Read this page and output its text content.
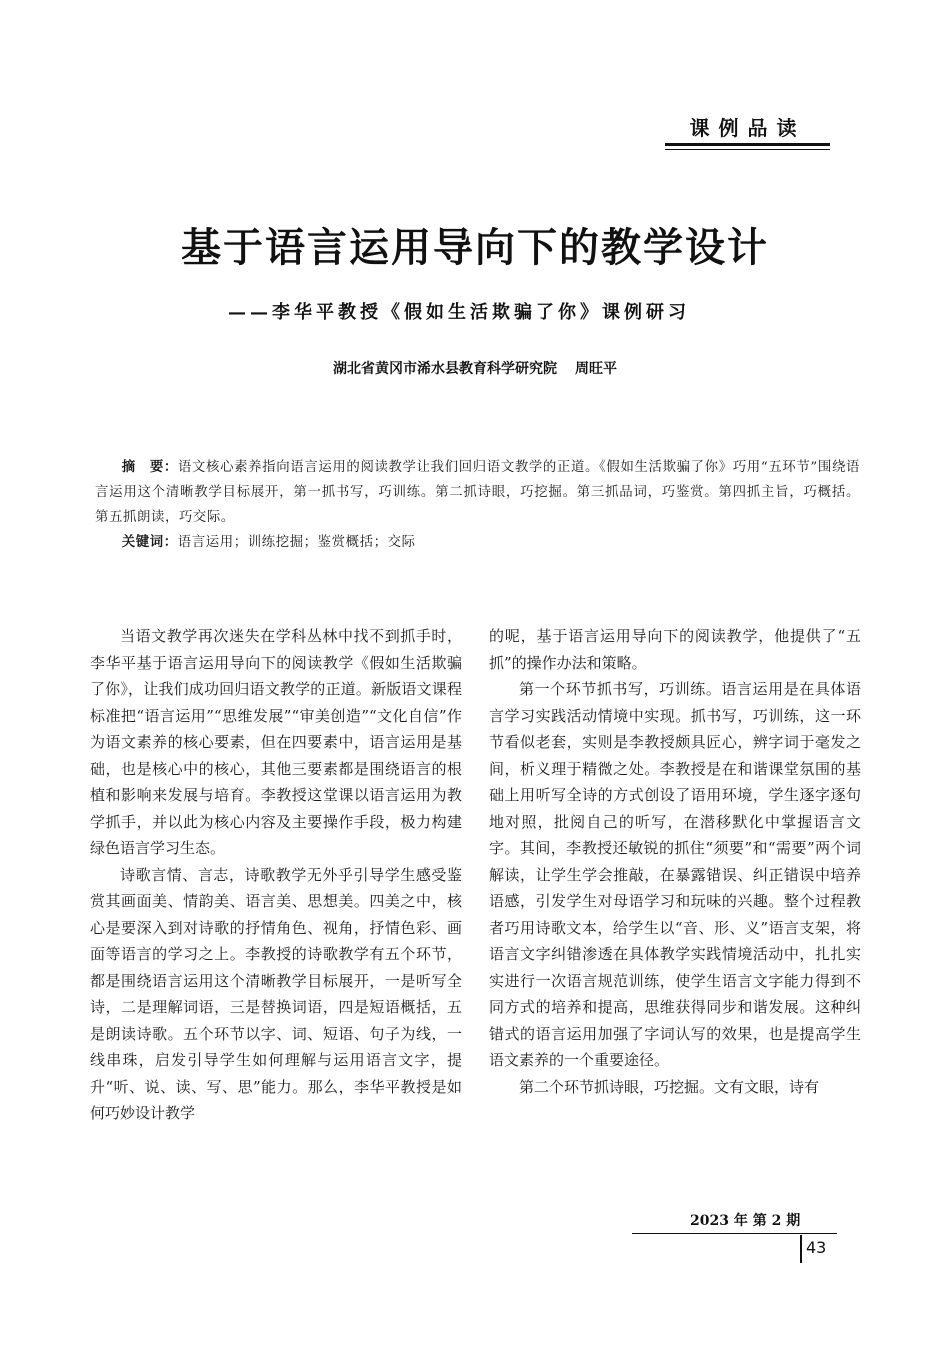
课例品读
基于语言运用导向下的教学设计
——李华平教授《假如生活欺骗了你》课例研习
湖北省黄冈市浠水县教育科学研究院 周旺平
摘　要：语文核心素养指向语言运用的阅读教学让我们回归语文教学的正道。《假如生活欺骗了你》巧用“五环节”围绕语言运用这个清晰教学目标展开，第一抓书写，巧训练。第二抓诗眼，巧挖掘。第三抓品词，巧鉴赏。第四抓主旨，巧概括。第五抓朗读，巧交际。
关键词：语言运用；训练挖掘；鉴赏概括；交际

当语文教学再次迷失在学科丛林中找不到抓手时，李华平基于语言运用导向下的阅读教学《假如生活欺骗了你》，让我们成功回归语文教学的正道。新版语文课程标准把“语言运用”“思维发展”“审美创造”“文化自信”作为语文素养的核心要素，但在四要素中，语言运用是基础，也是核心中的核心，其他三要素都是围绕语言的根植和影响来发展与培育。李教授这堂课以语言运用为教学抓手，并以此为核心内容及主要操作手段，极力构建绿色语言学习生态。

诗歌言情、言志，诗歌教学无外乎引导学生感受鉴赏其画面美、情韵美、语言美、思想美。四美之中，核心是要深入到对诗歌的抒情角色、视角，抒情色彩、画面等语言的学习之上。李教授的诗歌教学有五个环节，都是围绕语言运用这个清晰教学目标展开，一是听写全诗，二是理解词语，三是替换词语，四是短语概括，五是朗读诗歌。五个环节以字、词、短语、句子为线，一线串珠，启发引导学生如何理解与运用语言文字，提升“听、说、读、写、思”能力。那么，李华平教授是如何巧妙设计教学

的呢，基于语言运用导向下的阅读教学，他提供了“五抓”的操作办法和策略。

第一个环节抓书写，巧训练。语言运用是在具体语言学习实践活动情境中实现。抓书写，巧训练，这一环节看似老套，实则是李教授颇具匠心，辨字词于毫发之间，析义理于精微之处。李教授是在和谐课堂氛围的基础上用听写全诗的方式创设了语用环境，学生逐字逐句地对照，批阅自己的听写，在潜移默化中掌握语言文字。其间，李教授还敏锐的抓住“须要”和“需要”两个词解读，让学生学会推敲，在暴露错误、纠正错误中培养语感，引发学生对母语学习和玩味的兴趣。整个过程教者巧用诗歌文本，给学生以“音、形、义”语言支架，将语言文字纠错渗透在具体教学实践情境活动中，扎扎实实进行一次语言规范训练，使学生语言文字能力得到不同方式的培养和提高，思维获得同步和谐发展。这种纠错式的语言运用加强了字词认写的效果，也是提高学生语文素养的一个重要途径。

第二个环节抓诗眼，巧挖掘。文有文眼，诗有

2023 年 第 2 期
43
